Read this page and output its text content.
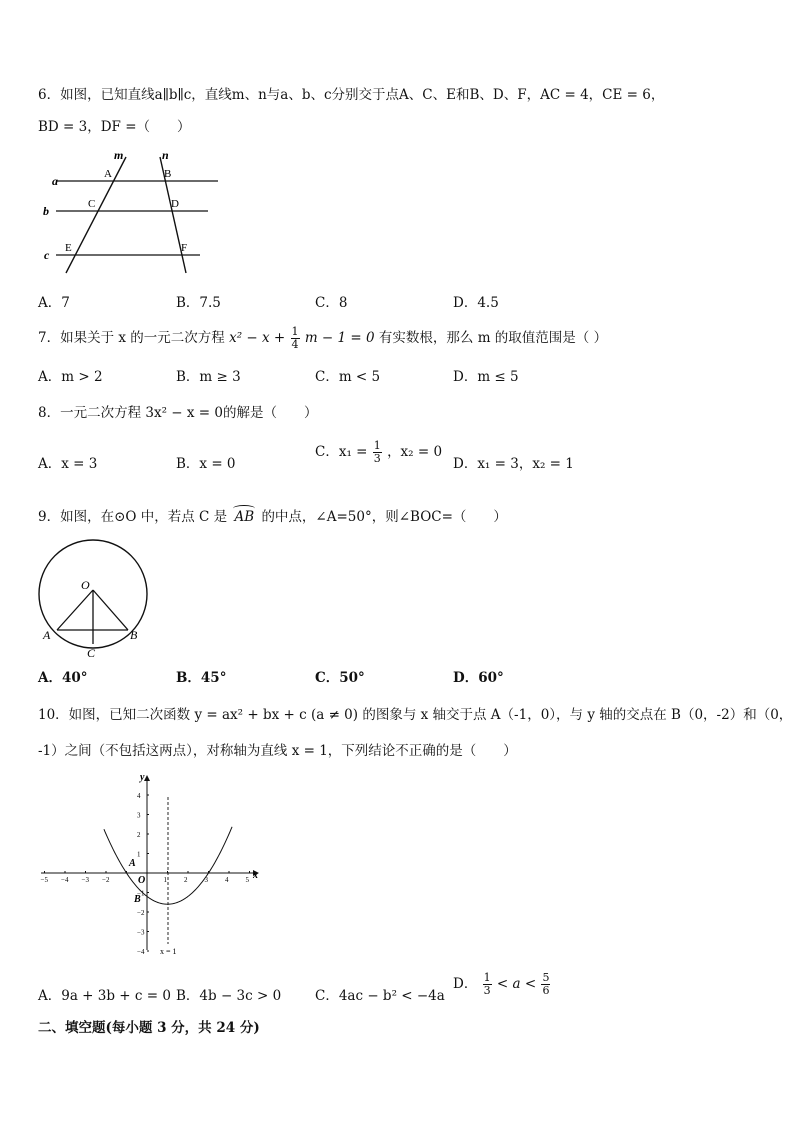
6．如图，已知直线a∥b∥c，直线m、n与a、b、c分别交于点A、C、E和B、D、F，AC = 4，CE = 6，
BD = 3，DF =（　　）
m	n
a
b
c
A	B
C	D
E	F
A．7	B．7.5	C．8	D．4.5
7．如果关于 x 的一元二次方程 $x^2 - x + \frac{1}{4}$ m − 1 = 0 有实数根，那么 m 的取值范围是（ ）
A．m > 2	B．m ≥ 3	C．m < 5	D．m ≤ 5
8．一元二次方程 3x² − x = 0的解是（　　）
A．x = 3	B．x = 0
C．$x_1 = \frac{1}{3}$ ，x₂ = 0
D．x₁ = 3，x₂ = 1
9．如图，在⊙O 中，若点 C 是 AB 的中点，∠A=50°，则∠BOC=（　　）
O
A	B
C
A．40°	B．45°	C．50°	D．60°
10．如图，已知二次函数 y = ax² + bx + c (a ≠ 0) 的图象与 x 轴交于点 A（-1，0），与 y 轴的交点在 B（0，-2）和（0，
-1）之间（不包括这两点），对称轴为直线 x = 1，下列结论不正确的是（　　）
−5 −4 −3 −2	1 2 3 4 5
4
3
2
1
−1
−2
−3
−4
y
x
O
A
B
x = 1
A．9a + 3b + c = 0 B．4b − 3c > 0	C．4ac − b² < −4a
D． $\frac{1}{3} < a < \frac{5}{6}$
二、填空题(每小题 3 分，共 24 分)
